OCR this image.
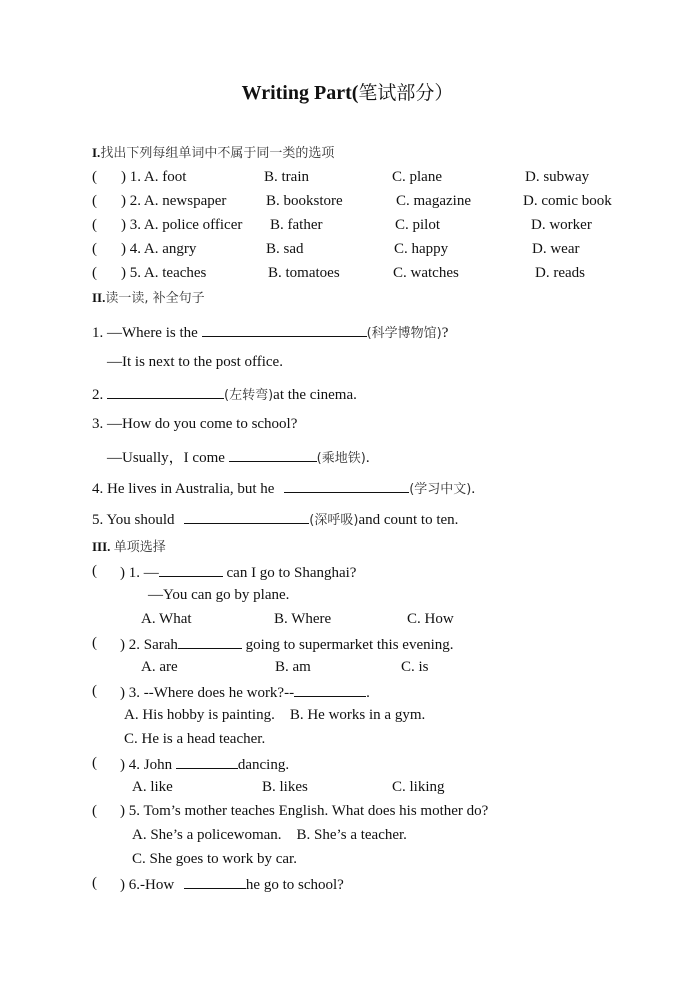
Writing Part(笔试部分）
I.找出下列每组单词中不属于同一类的选项
( ) 1. A. foot	B. train	C. plane	D. subway
( ) 2. A. newspaper	B. bookstore	C. magazine	D. comic book
( ) 3. A. police officer B. father	C. pilot	D. worker
( ) 4. A. angry	B. sad	C. happy	D. wear
( ) 5. A. teaches	B. tomatoes	C. watches	D. reads
II.读一读, 补全句子
1. —Where is the	(科学博物馆)?
—It is next to the post office.
2.	(左转弯)at the cinema.
3. —How do you come to school?
—Usually，I come	(乘地铁).
4. He lives in Australia, but he	(学习中文).
5. You should	(深呼吸)and count to ten.
III. 单项选择
( ) 1. —	can I go to Shanghai?
—You can go by plane.
A. What	B. Where	C. How
( ) 2. Sarah	going to supermarket this evening.
A. are	B. am	C. is
( ) 3. --Where does he work?--	.
A. His hobby is painting.    B. He works in a gym.
C. He is a head teacher.
( ) 4. John	dancing.
A. like	B. likes	C. liking
( ) 5. Tom’s mother teaches English. What does his mother do?
A. She’s a policewoman.    B. She’s a teacher.
C. She goes to work by car.
( ) 6.-How	he go to school?
